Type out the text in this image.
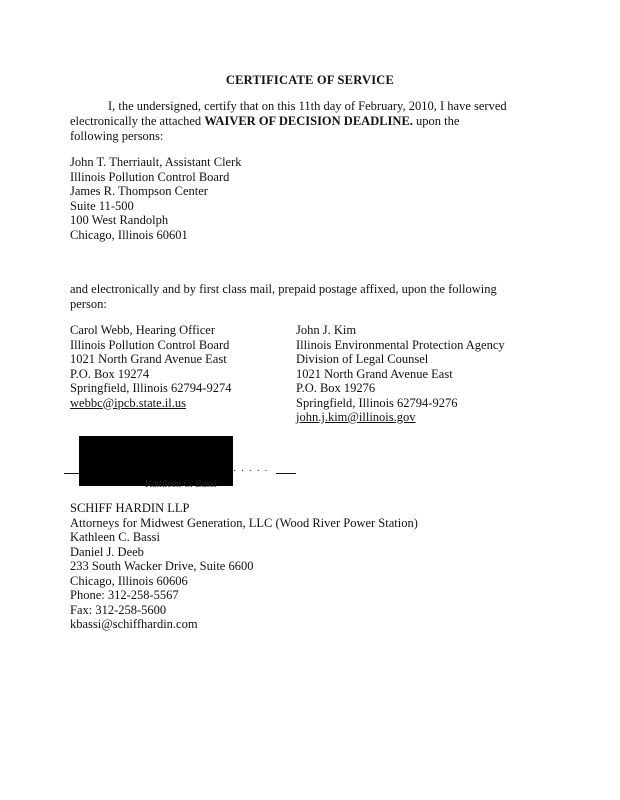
CERTIFICATE OF SERVICE
I, the undersigned, certify that on this 11th day of February, 2010, I have served electronically the attached WAIVER OF DECISION DEADLINE. upon the following persons:
John T. Therriault, Assistant Clerk
Illinois Pollution Control Board
James R. Thompson Center
Suite 11-500
100 West Randolph
Chicago, Illinois 60601
and electronically and by first class mail, prepaid postage affixed, upon the following person:
Carol Webb, Hearing Officer
Illinois Pollution Control Board
1021 North Grand Avenue East
P.O. Box 19274
Springfield, Illinois 62794-9274
webbc@ipcb.state.il.us
John J. Kim
Illinois Environmental Protection Agency
Division of Legal Counsel
1021 North Grand Avenue East
P.O. Box 19276
Springfield, Illinois 62794-9276
john.j.kim@illinois.gov
· · · · ·
Kathleen C. Bassi
SCHIFF HARDIN LLP
Attorneys for Midwest Generation, LLC (Wood River Power Station)
Kathleen C. Bassi
Daniel J. Deeb
233 South Wacker Drive, Suite 6600
Chicago, Illinois 60606
Phone: 312-258-5567
Fax: 312-258-5600
kbassi@schiffhardin.com
